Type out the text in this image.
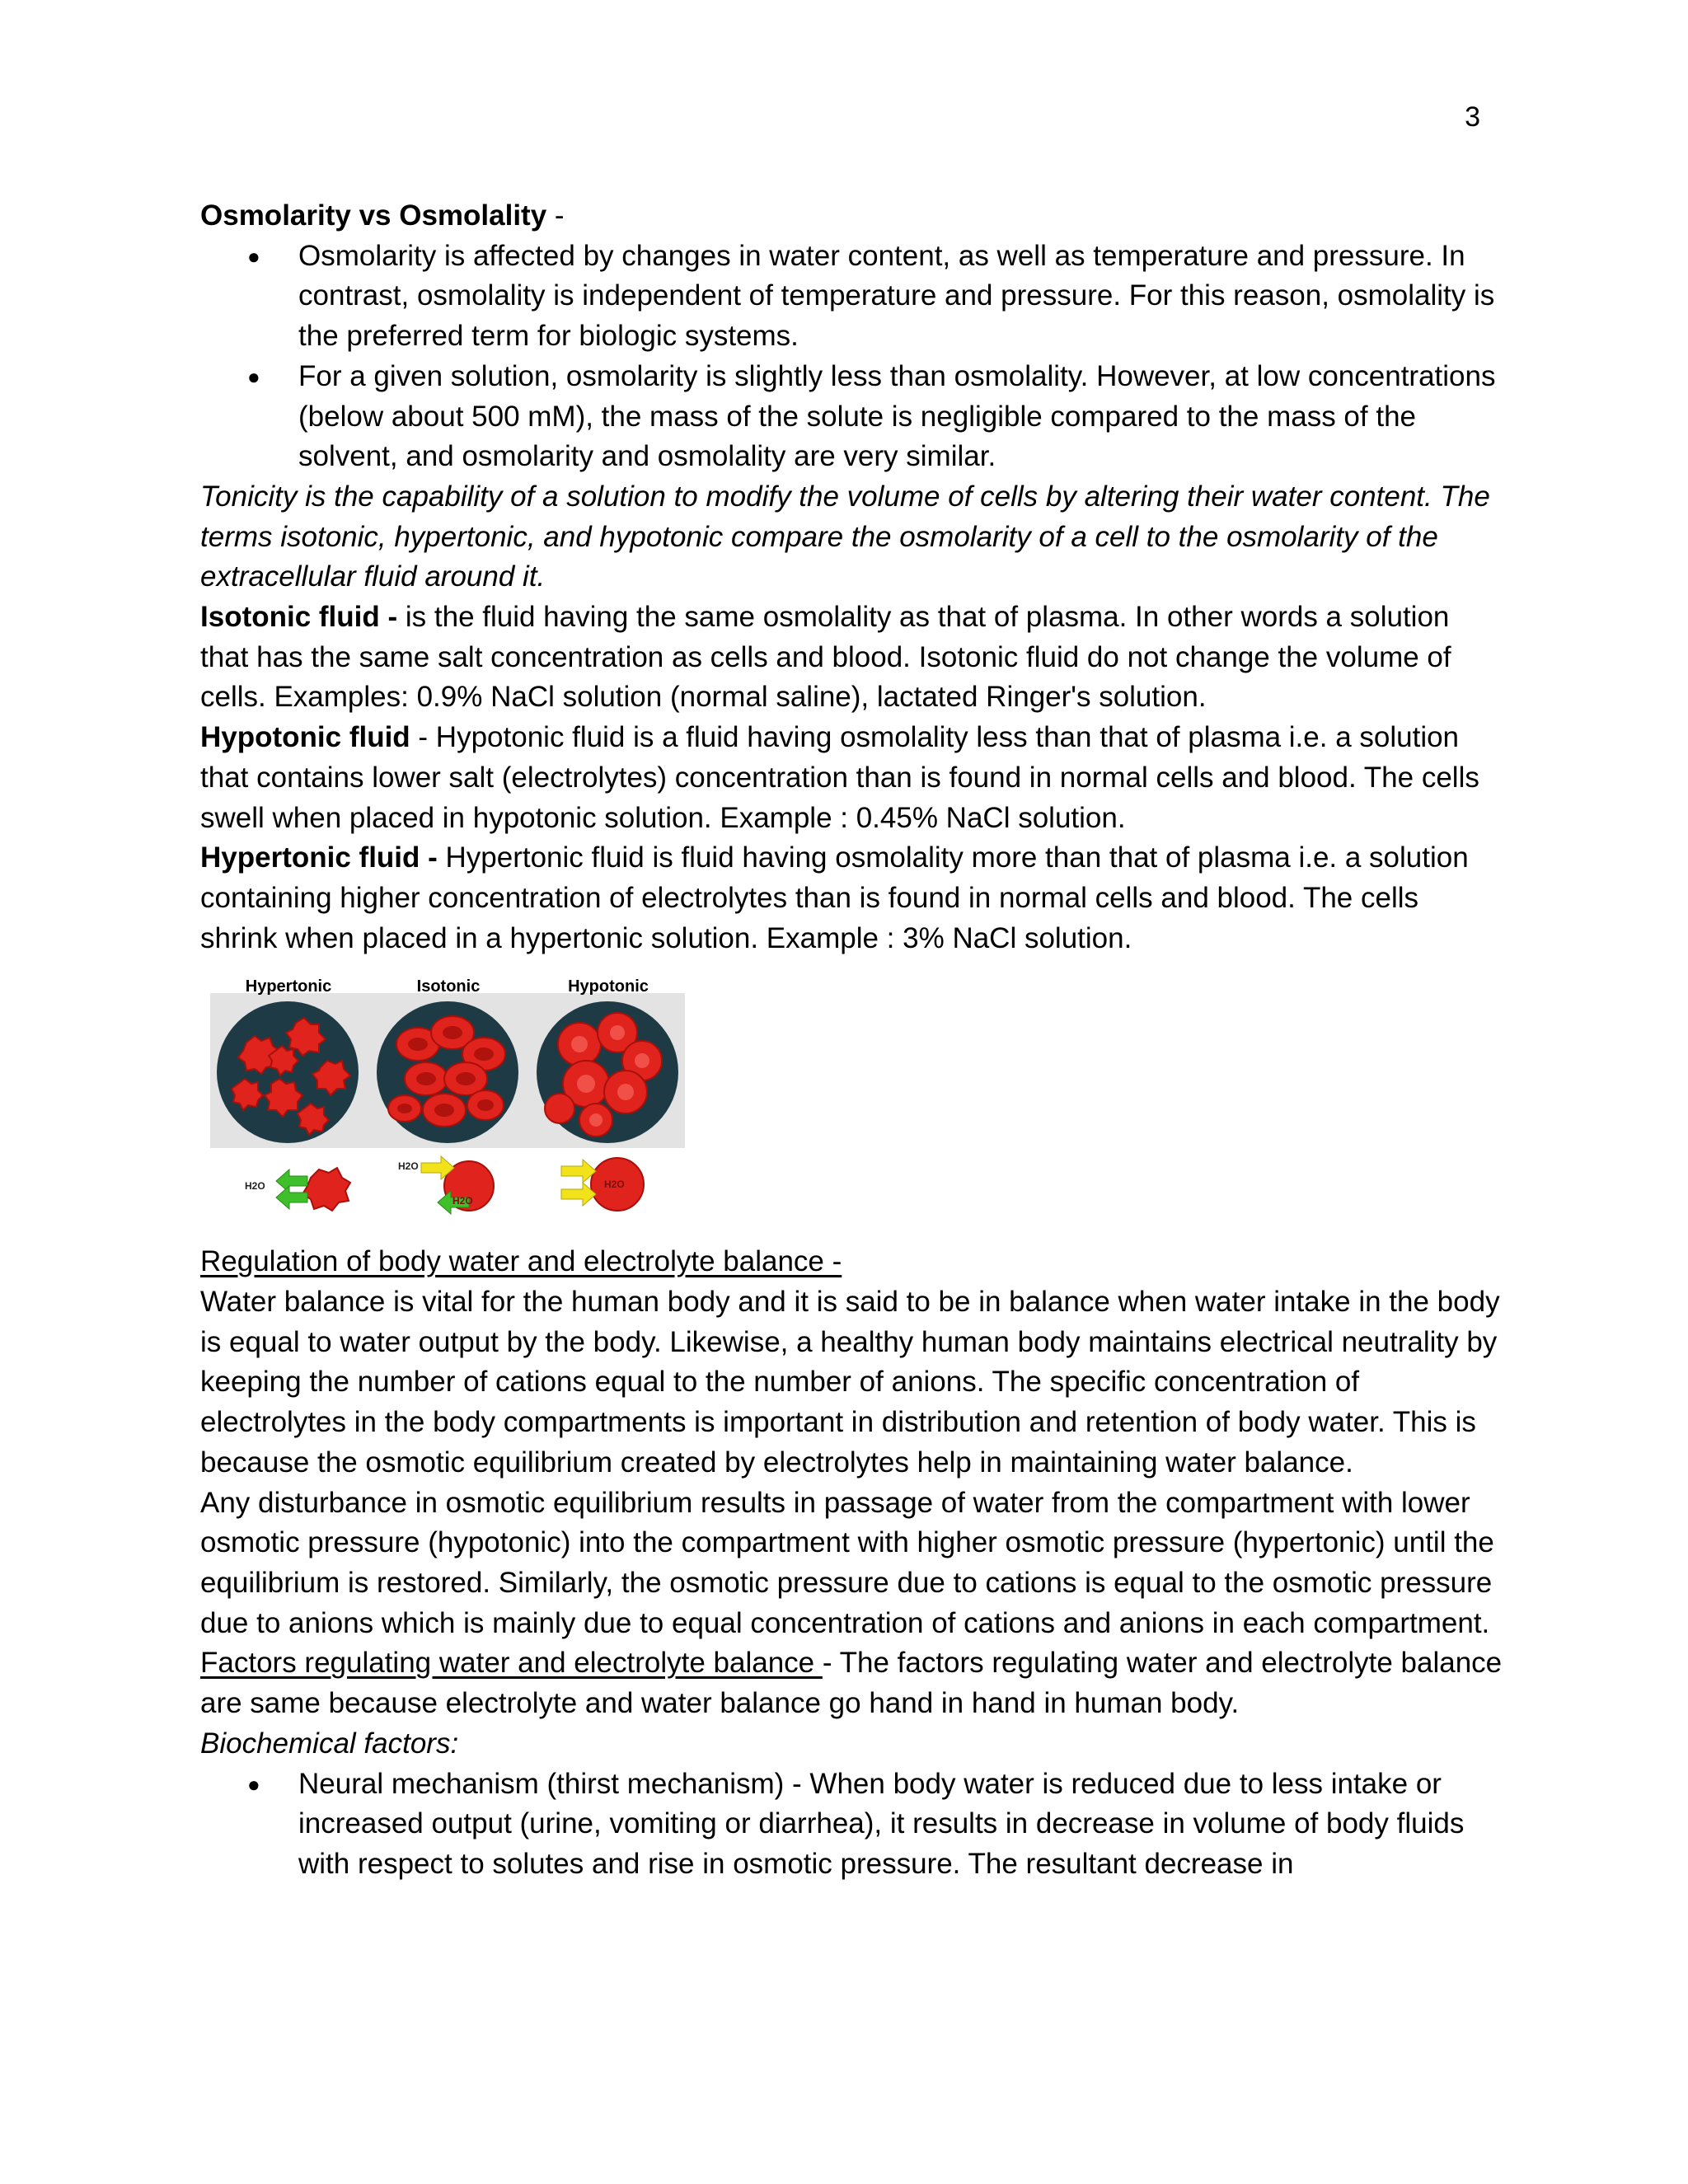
3

Osmolarity vs Osmolality -

● Osmolarity is affected by changes in water content, as well as temperature and pressure. In contrast, osmolality is independent of temperature and pressure. For this reason, osmolality is the preferred term for biologic systems.
● For a given solution, osmolarity is slightly less than osmolality. However, at low concentrations (below about 500 mM), the mass of the solute is negligible compared to the mass of the solvent, and osmolarity and osmolality are very similar.

Tonicity is the capability of a solution to modify the volume of cells by altering their water content. The terms isotonic, hypertonic, and hypotonic compare the osmolarity of a cell to the osmolarity of the extracellular fluid around it.

Isotonic fluid - is the fluid having the same osmolality as that of plasma. In other words a solution that has the same salt concentration as cells and blood. Isotonic fluid do not change the volume of cells. Examples: 0.9% NaCl solution (normal saline), lactated Ringer's solution.

Hypotonic fluid - Hypotonic fluid is a fluid having osmolality less than that of plasma i.e. a solution that contains lower salt (electrolytes) concentration than is found in normal cells and blood. The cells swell when placed in hypotonic solution. Example : 0.45% NaCl solution.

Hypertonic fluid - Hypertonic fluid is fluid having osmolality more than that of plasma i.e. a solution containing higher concentration of electrolytes than is found in normal cells and blood. The cells shrink when placed in a hypertonic solution. Example : 3% NaCl solution.

H2O
H2O
H2O
H2O
Hypertonic	Isotonic	Hypotonic

Regulation of body water and electrolyte balance -

Water balance is vital for the human body and it is said to be in balance when water intake in the body is equal to water output by the body. Likewise, a healthy human body maintains electrical neutrality by keeping the number of cations equal to the number of anions. The specific concentration of electrolytes in the body compartments is important in distribution and retention of body water. This is because the osmotic equilibrium created by electrolytes help in maintaining water balance.

Any disturbance in osmotic equilibrium results in passage of water from the compartment with lower osmotic pressure (hypotonic) into the compartment with higher osmotic pressure (hypertonic) until the equilibrium is restored. Similarly, the osmotic pressure due to cations is equal to the osmotic pressure due to anions which is mainly due to equal concentration of cations and anions in each compartment.

Factors regulating water and electrolyte balance - The factors regulating water and electrolyte balance are same because electrolyte and water balance go hand in hand in human body.

Biochemical factors:

● Neural mechanism (thirst mechanism) - When body water is reduced due to less intake or increased output (urine, vomiting or diarrhea), it results in decrease in volume of body fluids with respect to solutes and rise in osmotic pressure. The resultant decrease in
